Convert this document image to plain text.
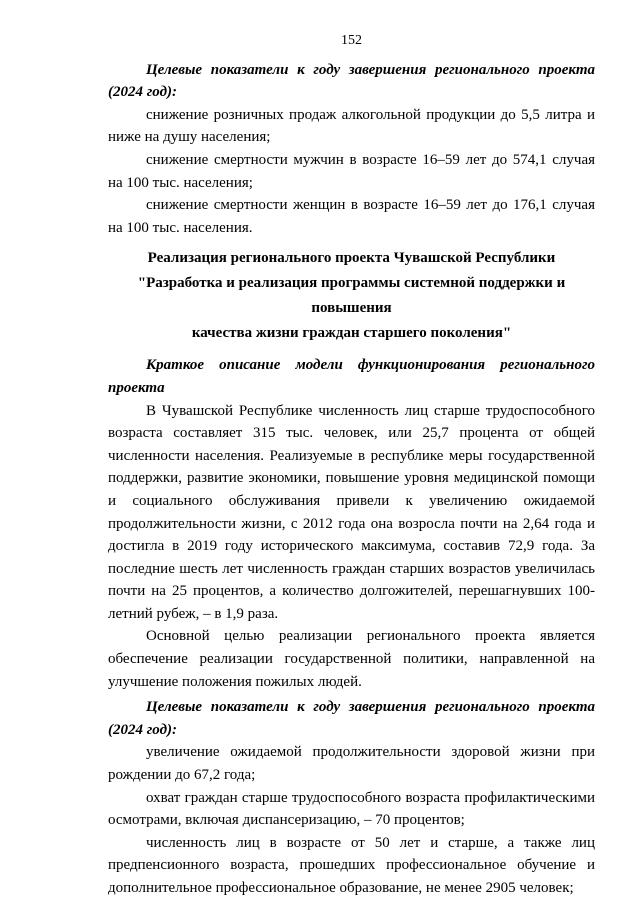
152

Целевые показатели к году завершения регионального проекта (2024 год):

снижение розничных продаж алкогольной продукции до 5,5 литра и ниже на душу населения;

снижение смертности мужчин в возрасте 16–59 лет до 574,1 случая на 100 тыс. населения;

снижение смертности женщин в возрасте 16–59 лет до 176,1 случая на 100 тыс. населения.

Реализация регионального проекта Чувашской Республики

"Разработка и реализация программы системной поддержки и повышения

качества жизни граждан старшего поколения"

Краткое описание модели функционирования регионального проекта

В Чувашской Республике численность лиц старше трудоспособного возраста составляет 315 тыс. человек, или 25,7 процента от общей численности населения. Реализуемые в республике меры государственной поддержки, развитие экономики, повышение уровня медицинской помощи и социального обслуживания привели к увеличению ожидаемой продолжительности жизни, с 2012 года она возросла почти на 2,64 года и достигла в 2019 году исторического максимума, составив 72,9 года. За последние шесть лет численность граждан старших возрастов увеличилась почти на 25 процентов, а количество долгожителей, перешагнувших 100-летний рубеж, – в 1,9 раза.

Основной целью реализации регионального проекта является обеспечение реализации государственной политики, направленной на улучшение положения пожилых людей.

Целевые показатели к году завершения регионального проекта (2024 год):

увеличение ожидаемой продолжительности здоровой жизни при рождении до 67,2 года;

охват граждан старше трудоспособного возраста профилактическими осмотрами, включая диспансеризацию, – 70 процентов;

численность лиц в возрасте от 50 лет и старше, а также лиц предпенсионного возраста, прошедших профессиональное обучение и дополнительное профессиональное образование, не менее 2905 человек;
